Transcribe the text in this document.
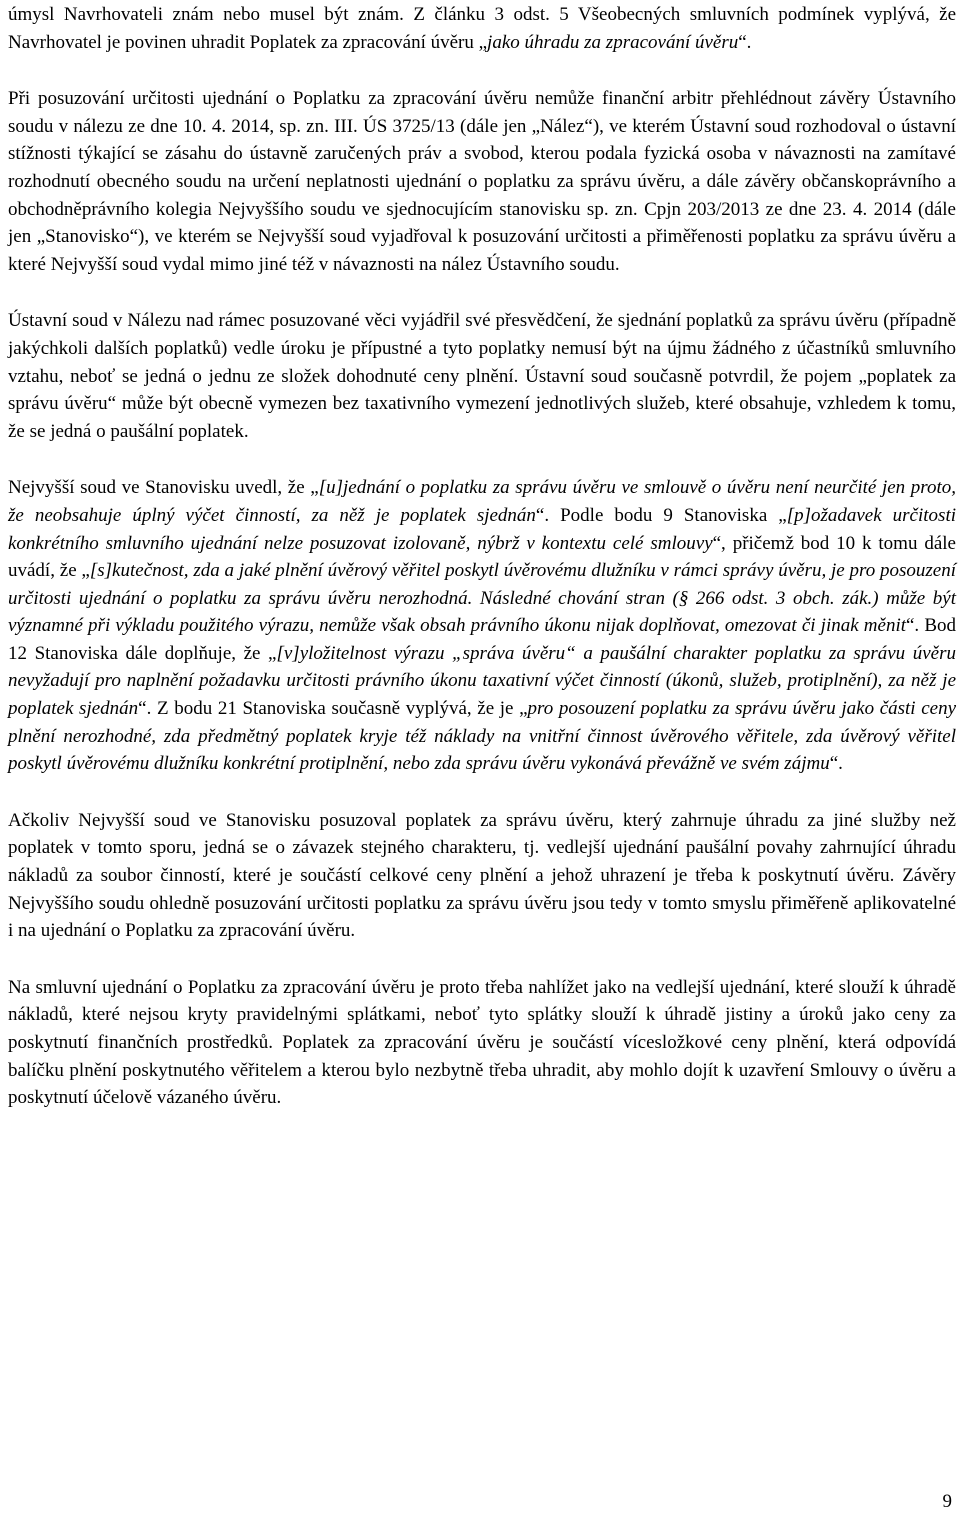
úmysl Navrhovateli znám nebo musel být znám. Z článku 3 odst. 5 Všeobecných smluvních podmínek vyplývá, že Navrhovatel je povinen uhradit Poplatek za zpracování úvěru „jako úhradu za zpracování úvěru“.

Při posuzování určitosti ujednání o Poplatku za zpracování úvěru nemůže finanční arbitr přehlédnout závěry Ústavního soudu v nálezu ze dne 10. 4. 2014, sp. zn. III. ÚS 3725/13 (dále jen „Nález“), ve kterém Ústavní soud rozhodoval o ústavní stížnosti týkající se zásahu do ústavně zaručených práv a svobod, kterou podala fyzická osoba v návaznosti na zamítavé rozhodnutí obecného soudu na určení neplatnosti ujednání o poplatku za správu úvěru, a dále závěry občanskoprávního a obchodněprávního kolegia Nejvyššího soudu ve sjednocujícím stanovisku sp. zn. Cpjn 203/2013 ze dne 23. 4. 2014 (dále jen „Stanovisko“), ve kterém se Nejvyšší soud vyjadřoval k posuzování určitosti a přiměřenosti poplatku za správu úvěru a které Nejvyšší soud vydal mimo jiné též v návaznosti na nález Ústavního soudu.

Ústavní soud v Nálezu nad rámec posuzované věci vyjádřil své přesvědčení, že sjednání poplatků za správu úvěru (případně jakýchkoli dalších poplatků) vedle úroku je přípustné a tyto poplatky nemusí být na újmu žádného z účastníků smluvního vztahu, neboť se jedná o jednu ze složek dohodnuté ceny plnění. Ústavní soud současně potvrdil, že pojem „poplatek za správu úvěru“ může být obecně vymezen bez taxativního vymezení jednotlivých služeb, které obsahuje, vzhledem k tomu, že se jedná o paušální poplatek.

Nejvyšší soud ve Stanovisku uvedl, že „[u]jednání o poplatku za správu úvěru ve smlouvě o úvěru není neurčité jen proto, že neobsahuje úplný výčet činností, za něž je poplatek sjednán“. Podle bodu 9 Stanoviska „[p]ožadavek určitosti konkrétního smluvního ujednání nelze posuzovat izolovaně, nýbrž v kontextu celé smlouvy“, přičemž bod 10 k tomu dále uvádí, že „[s]kutečnost, zda a jaké plnění úvěrový věřitel poskytl úvěrovému dlužníku v rámci správy úvěru, je pro posouzení určitosti ujednání o poplatku za správu úvěru nerozhodná. Následné chování stran (§ 266 odst. 3 obch. zák.) může být významné při výkladu použitého výrazu, nemůže však obsah právního úkonu nijak doplňovat, omezovat či jinak měnit“. Bod 12 Stanoviska dále doplňuje, že „[v]yložitelnost výrazu „správa úvěru“ a paušální charakter poplatku za správu úvěru nevyžadují pro naplnění požadavku určitosti právního úkonu taxativní výčet činností (úkonů, služeb, protiplnění), za něž je poplatek sjednán“. Z bodu 21 Stanoviska současně vyplývá, že je „pro posouzení poplatku za správu úvěru jako části ceny plnění nerozhodné, zda předmětný poplatek kryje též náklady na vnitřní činnost úvěrového věřitele, zda úvěrový věřitel poskytl úvěrovému dlužníku konkrétní protiplnění, nebo zda správu úvěru vykonává převážně ve svém zájmu“.

Ačkoliv Nejvyšší soud ve Stanovisku posuzoval poplatek za správu úvěru, který zahrnuje úhradu za jiné služby než poplatek v tomto sporu, jedná se o závazek stejného charakteru, tj. vedlejší ujednání paušální povahy zahrnující úhradu nákladů za soubor činností, které je součástí celkové ceny plnění a jehož uhrazení je třeba k poskytnutí úvěru. Závěry Nejvyššího soudu ohledně posuzování určitosti poplatku za správu úvěru jsou tedy v tomto smyslu přiměřeně aplikovatelné i na ujednání o Poplatku za zpracování úvěru.

Na smluvní ujednání o Poplatku za zpracování úvěru je proto třeba nahlížet jako na vedlejší ujednání, které slouží k úhradě nákladů, které nejsou kryty pravidelnými splátkami, neboť tyto splátky slouží k úhradě jistiny a úroků jako ceny za poskytnutí finančních prostředků. Poplatek za zpracování úvěru je součástí vícesložkové ceny plnění, která odpovídá balíčku plnění poskytnutého věřitelem a kterou bylo nezbytně třeba uhradit, aby mohlo dojít k uzavření Smlouvy o úvěru a poskytnutí účelově vázaného úvěru.

9
